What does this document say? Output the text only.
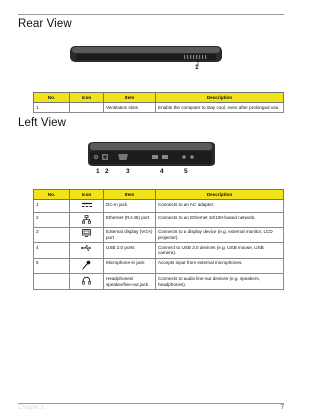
Rear View
1
No.	Icon	Item	Description
1		Ventilation slots	Enable the computer to stay cool, even after prolonged use.
Left View
1 2	3	4	5
No.	Icon	Item	Description
1		DC-in jack	Connects to an AC adapter.
2		Ethernet (RJ-45) port	Connects to an Ethernet 10/100-based network.
2		External display (VGA) port	Connects to a display device (e.g. external monitor, LCD projector).
4		USB 2.0 ports	Connect to USB 2.0 devices (e.g. USB mouse, USB camera).
5		Microphone-in jack	Accepts input from external microphones.
		Headphones/ speaker/line-out jack	Connects to audio line-out devices (e.g. speakers, headphones).
Chapter 1	7
